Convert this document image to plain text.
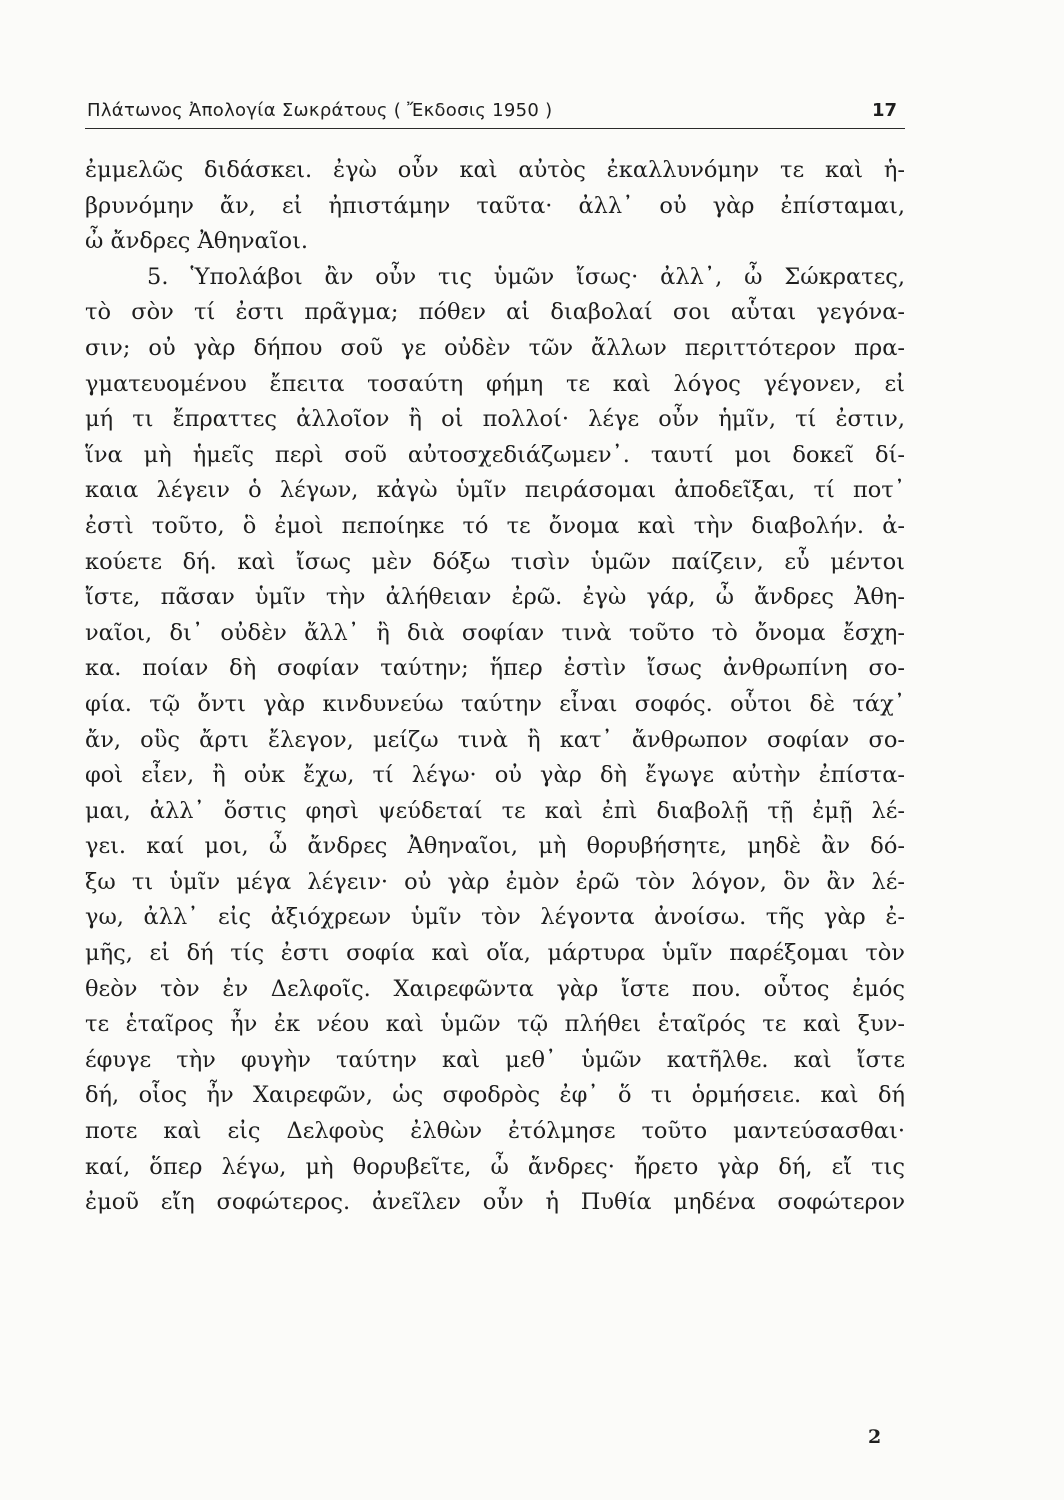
Πλάτωνος Ἀπολογία Σωκράτους ( Ἔκδοσις 1950 )	17
ἐμμελῶς διδάσκει. ἐγὼ οὖν καὶ αὐτὸς ἐκαλλυνόμην τε καὶ ἡ-
βρυνόμην ἄν, εἰ ἠπιστάμην ταῦτα· ἀλλ᾽ οὐ γὰρ ἐπίσταμαι,
ὦ ἄνδρες Ἀθηναῖοι.
5. Ὑπολάβοι ἂν οὖν τις ὑμῶν ἴσως· ἀλλ᾽, ὦ Σώκρατες,
τὸ σὸν τί ἐστι πρᾶγμα; πόθεν αἱ διαβολαί σοι αὗται γεγόνα-
σιν; οὐ γὰρ δήπου σοῦ γε οὐδὲν τῶν ἄλλων περιττότερον πρα-
γματευομένου ἔπειτα τοσαύτη φήμη τε καὶ λόγος γέγονεν, εἰ
μή τι ἔπραττες ἀλλοῖον ἢ οἱ πολλοί· λέγε οὖν ἡμῖν, τί ἐστιν,
ἵνα μὴ ἡμεῖς περὶ σοῦ αὐτοσχεδιάζωμεν᾽. ταυτί μοι δοκεῖ δί-
καια λέγειν ὁ λέγων, κἀγὼ ὑμῖν πειράσομαι ἀποδεῖξαι, τί ποτ᾽
ἐστὶ τοῦτο, ὃ ἐμοὶ πεποίηκε τό τε ὄνομα καὶ τὴν διαβολήν. ἀ-
κούετε δή. καὶ ἴσως μὲν δόξω τισὶν ὑμῶν παίζειν, εὖ μέντοι
ἴστε, πᾶσαν ὑμῖν τὴν ἀλήθειαν ἐρῶ. ἐγὼ γάρ, ὦ ἄνδρες Ἀθη-
ναῖοι, δι᾽ οὐδὲν ἄλλ᾽ ἢ διὰ σοφίαν τινὰ τοῦτο τὸ ὄνομα ἔσχη-
κα. ποίαν δὴ σοφίαν ταύτην; ἥπερ ἐστὶν ἴσως ἀνθρωπίνη σο-
φία. τῷ ὄντι γὰρ κινδυνεύω ταύτην εἶναι σοφός. οὗτοι δὲ τάχ᾽
ἄν, οὓς ἄρτι ἔλεγον, μείζω τινὰ ἢ κατ᾽ ἄνθρωπον σοφίαν σο-
φοὶ εἶεν, ἢ οὐκ ἔχω, τί λέγω· οὐ γὰρ δὴ ἔγωγε αὐτὴν ἐπίστα-
μαι, ἀλλ᾽ ὅστις φησὶ ψεύδεταί τε καὶ ἐπὶ διαβολῇ τῇ ἐμῇ λέ-
γει. καί μοι, ὦ ἄνδρες Ἀθηναῖοι, μὴ θορυβήσητε, μηδὲ ἂν δό-
ξω τι ὑμῖν μέγα λέγειν· οὐ γὰρ ἐμὸν ἐρῶ τὸν λόγον, ὃν ἂν λέ-
γω, ἀλλ᾽ εἰς ἀξιόχρεων ὑμῖν τὸν λέγοντα ἀνοίσω. τῆς γὰρ ἐ-
μῆς, εἰ δή τίς ἐστι σοφία καὶ οἵα, μάρτυρα ὑμῖν παρέξομαι τὸν
θεὸν τὸν ἐν Δελφοῖς. Χαιρεφῶντα γὰρ ἴστε που. οὗτος ἐμός
τε ἑταῖρος ἦν ἐκ νέου καὶ ὑμῶν τῷ πλήθει ἑταῖρός τε καὶ ξυν-
έφυγε τὴν φυγὴν ταύτην καὶ μεθ᾽ ὑμῶν κατῆλθε. καὶ ἴστε
δή, οἷος ἦν Χαιρεφῶν, ὡς σφοδρὸς ἐφ᾽ ὅ τι ὁρμήσειε. καὶ δή
ποτε καὶ εἰς Δελφοὺς ἐλθὼν ἐτόλμησε τοῦτο μαντεύσασθαι·
καί, ὅπερ λέγω, μὴ θορυβεῖτε, ὦ ἄνδρες· ἤρετο γὰρ δή, εἴ τις
ἐμοῦ εἴη σοφώτερος. ἀνεῖλεν οὖν ἡ Πυθία μηδένα σοφώτερον
2
